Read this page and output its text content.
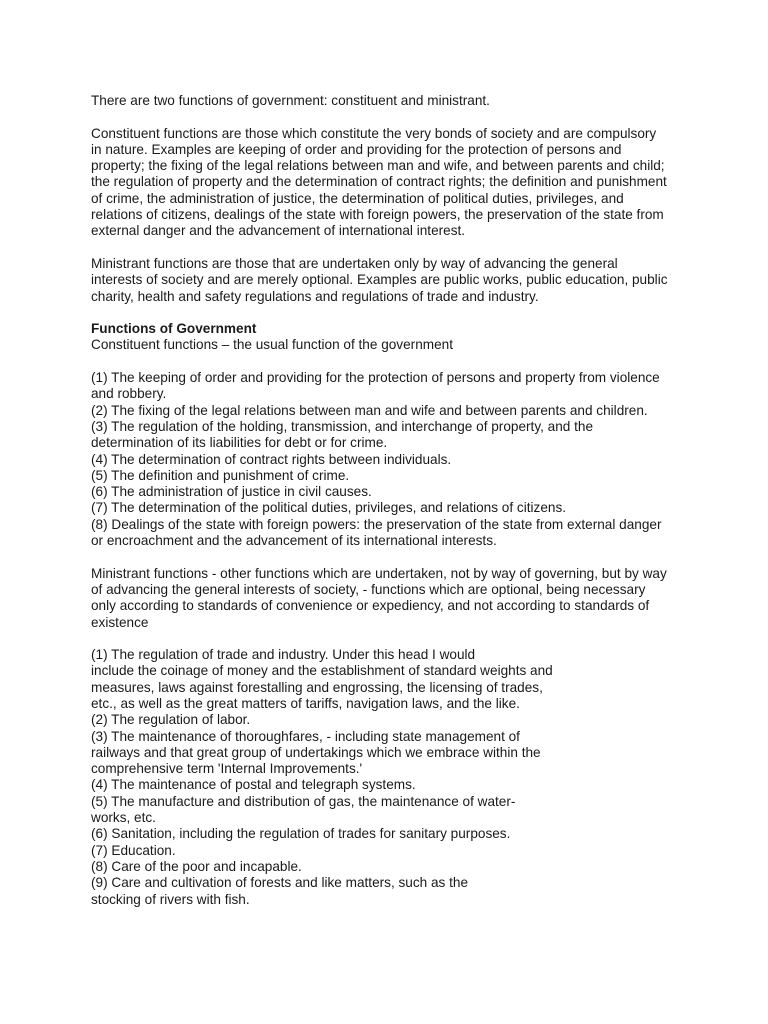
There are two functions of government: constituent and ministrant.

Constituent functions are those which constitute the very bonds of society and are compulsory
in nature. Examples are keeping of order and providing for the protection of persons and
property; the fixing of the legal relations between man and wife, and between parents and child;
the regulation of property and the determination of contract rights; the definition and punishment
of crime, the administration of justice, the determination of political duties, privileges, and
relations of citizens, dealings of the state with foreign powers, the preservation of the state from
external danger and the advancement of international interest.

Ministrant functions are those that are undertaken only by way of advancing the general
interests of society and are merely optional. Examples are public works, public education, public
charity, health and safety regulations and regulations of trade and industry.

Functions of Government

Constituent functions – the usual function of the government

(1) The keeping of order and providing for the protection of persons and property from violence
and robbery.
(2) The fixing of the legal relations between man and wife and between parents and children.
(3) The regulation of the holding, transmission, and interchange of property, and the
determination of its liabilities for debt or for crime.
(4) The determination of contract rights between individuals.
(5) The definition and punishment of crime.
(6) The administration of justice in civil causes.
(7) The determination of the political duties, privileges, and relations of citizens.
(8) Dealings of the state with foreign powers: the preservation of the state from external danger
or encroachment and the advancement of its international interests.

Ministrant functions - other functions which are undertaken, not by way of governing, but by way
of advancing the general interests of society, - functions which are optional, being necessary
only according to standards of convenience or expediency, and not according to standards of
existence

(1) The regulation of trade and industry. Under this head I would
include the coinage of money and the establishment of standard weights and
measures, laws against forestalling and engrossing, the licensing of trades,
etc., as well as the great matters of tariffs, navigation laws, and the like.
(2) The regulation of labor.
(3) The maintenance of thoroughfares, - including state management of
railways and that great group of undertakings which we embrace within the
comprehensive term 'Internal Improvements.'
(4) The maintenance of postal and telegraph systems.
(5) The manufacture and distribution of gas, the maintenance of water-
works, etc.
(6) Sanitation, including the regulation of trades for sanitary purposes.
(7) Education.
(8) Care of the poor and incapable.
(9) Care and cultivation of forests and like matters, such as the
stocking of rivers with fish.
